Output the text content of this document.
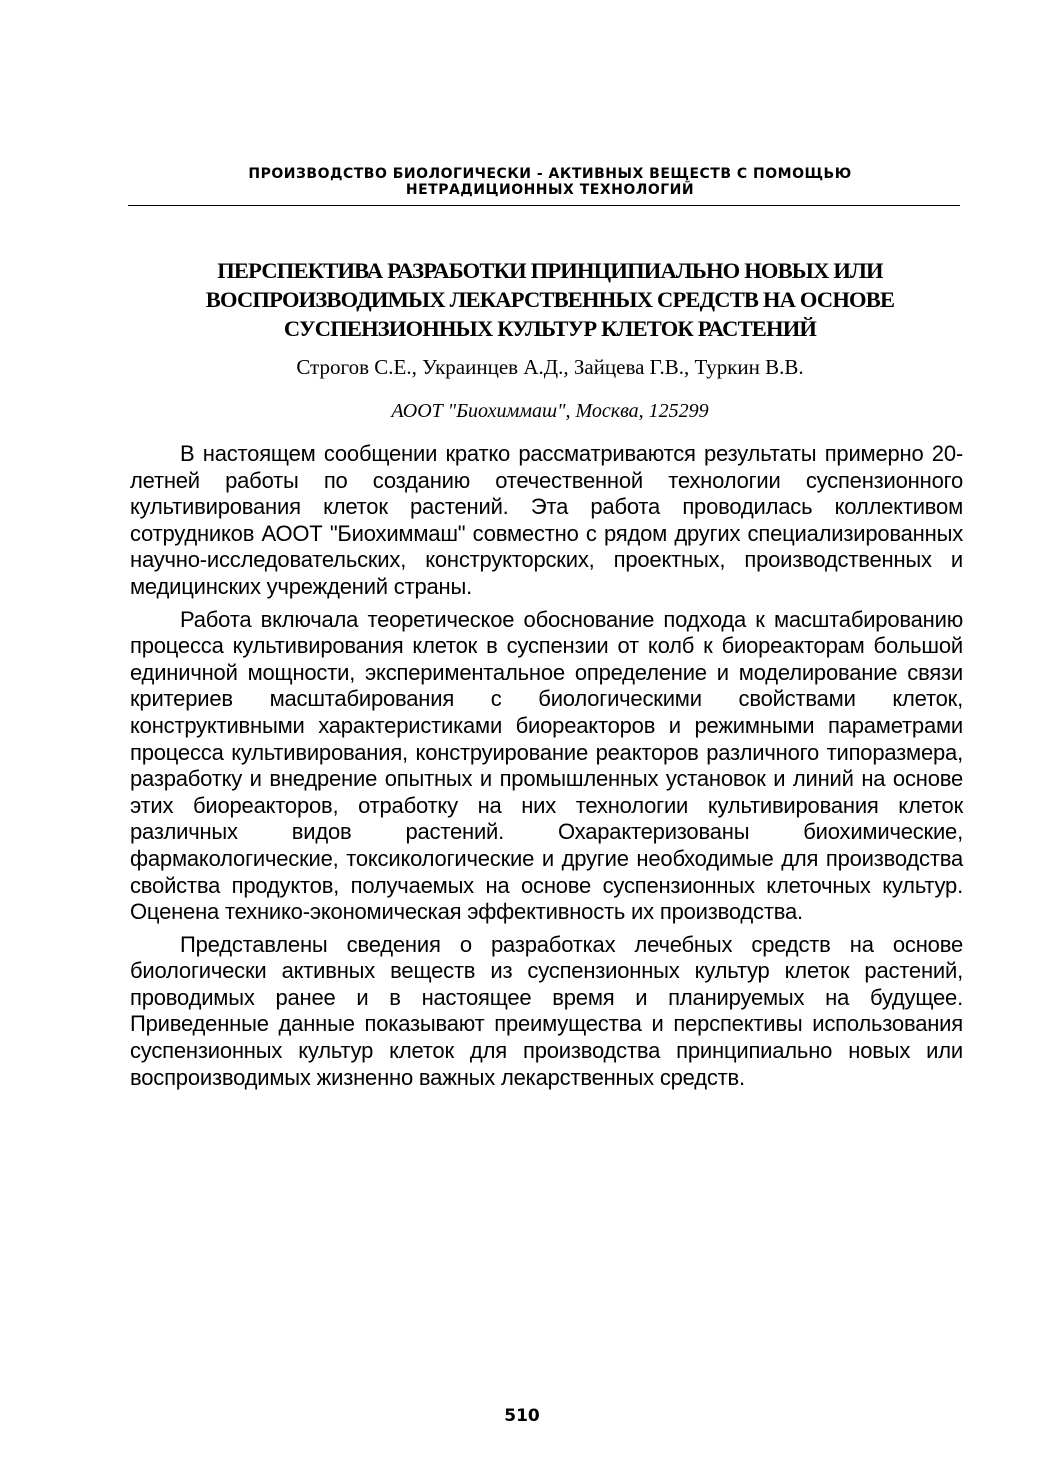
ПРОИЗВОДСТВО БИОЛОГИЧЕСКИ - АКТИВНЫХ ВЕЩЕСТВ С ПОМОЩЬЮ
НЕТРАДИЦИОННЫХ ТЕХНОЛОГИЙ
ПЕРСПЕКТИВА РАЗРАБОТКИ ПРИНЦИПИАЛЬНО НОВЫХ ИЛИ
ВОСПРОИЗВОДИМЫХ ЛЕКАРСТВЕННЫХ СРЕДСТВ НА ОСНОВЕ
СУСПЕНЗИОННЫХ КУЛЬТУР КЛЕТОК РАСТЕНИЙ
Строгов С.Е., Украинцев А.Д., Зайцева Г.В., Туркин В.В.
АООТ "Биохиммаш", Москва, 125299

В настоящем сообщении кратко рассматриваются результаты примерно 20-летней работы по созданию отечественной технологии суспензионного культивирования клеток растений. Эта работа проводилась коллективом сотрудников АООТ "Биохиммаш" совместно с рядом других специализированных научно-исследовательских, конструкторских, проектных, производственных и медицинских учреждений страны.

Работа включала теоретическое обоснование подхода к масштабированию процесса культивирования клеток в суспензии от колб к биореакторам большой единичной мощности, экспериментальное определение и моделирование связи критериев масштабирования с биологическими свойствами клеток, конструктивными характеристиками биореакторов и режимными параметрами процесса культивирования, конструирование реакторов различного типоразмера, разработку и внедрение опытных и промышленных установок и линий на основе этих биореакторов, отработку на них технологии культивирования клеток различных видов растений. Охарактеризованы биохимические, фармакологические, токсикологические и другие необходимые для производства свойства продуктов, получаемых на основе суспензионных клеточных культур. Оценена технико-экономическая эффективность их производства.

Представлены сведения о разработках лечебных средств на основе биологически активных веществ из суспензионных культур клеток растений, проводимых ранее и в настоящее время и планируемых на будущее. Приведенные данные показывают преимущества и перспективы использования суспензионных культур клеток для производства принципиально новых или воспроизводимых жизненно важных лекарственных средств.

510
